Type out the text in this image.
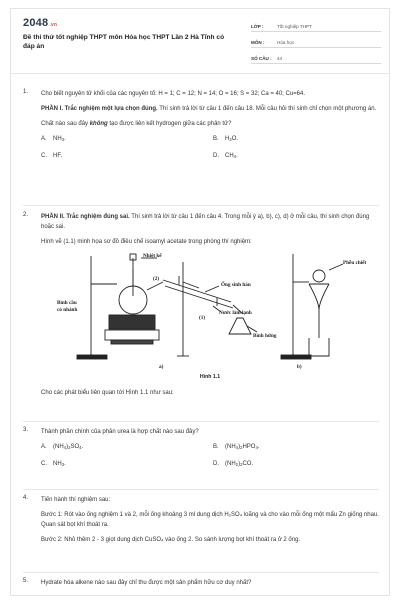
2048.vn
Đề thi thử tốt nghiệp THPT môn Hóa học THPT Lần 2 Hà Tĩnh có đáp án
LỚP :	Tốt nghiệp THPT
MÔN :	Hóa học
SỐ CÂU :	44
1. Cho biết nguyên tử khối của các nguyên tố: H = 1; C = 12; N = 14; O = 16; S = 32; Ca = 40; Cu=64.

PHẦN I. Trắc nghiệm một lựa chọn đúng. Thí sinh trả lời từ câu 1 đến câu 18. Mỗi câu hỏi thí sinh chỉ chọn một phương án.

Chất nào sau đây không tạo được liên kết hydrogen giữa các phân tử?

A. $NH_3$.	B. $H_2O$.
C. HF.	D. $CH_4$.
2. PHẦN II. Trắc nghiệm đúng sai. Thí sinh trả lời từ câu 1 đến câu 4. Trong mỗi ý a), b), c), d) ở mỗi câu, thí sinh chọn đúng hoặc sai.

Hình vẽ (1.1) minh họa sơ đồ điều chế isoamyl acetate trong phòng thí nghiệm:

Nhiệt kế
Ống sinh hàn
Bình cầu
có nhánh	Nước làm lạnh
Bình hứng
Phễu chiết
(1)
(2)
a)	b)
Hình 1.1

Cho các phát biểu liên quan tới Hình 1.1 như sau:

3. Thành phần chính của phân urea là hợp chất nào sau đây?

A. $(NH_4)_2SO_4$.	B. $(NH_4)_2HPO_4$.
C. $NH_3$.	D. $(NH_2)_2CO$.
4. Tiến hành thí nghiệm sau:

Bước 1: Rót vào ống nghiệm 1 và 2, mỗi ống khoảng 3 ml dung dịch H₂SO₄ loãng và cho vào mỗi ống một mẩu Zn giống nhau. Quan sát bọt khí thoát ra.

Bước 2: Nhỏ thêm 2 - 3 giọt dung dịch CuSO₄ vào ống 2. So sánh lượng bọt khí thoát ra ở 2 ống.

5. Hydrate hóa alkene nào sau đây chỉ thu được một sản phẩm hữu cơ duy nhất?
